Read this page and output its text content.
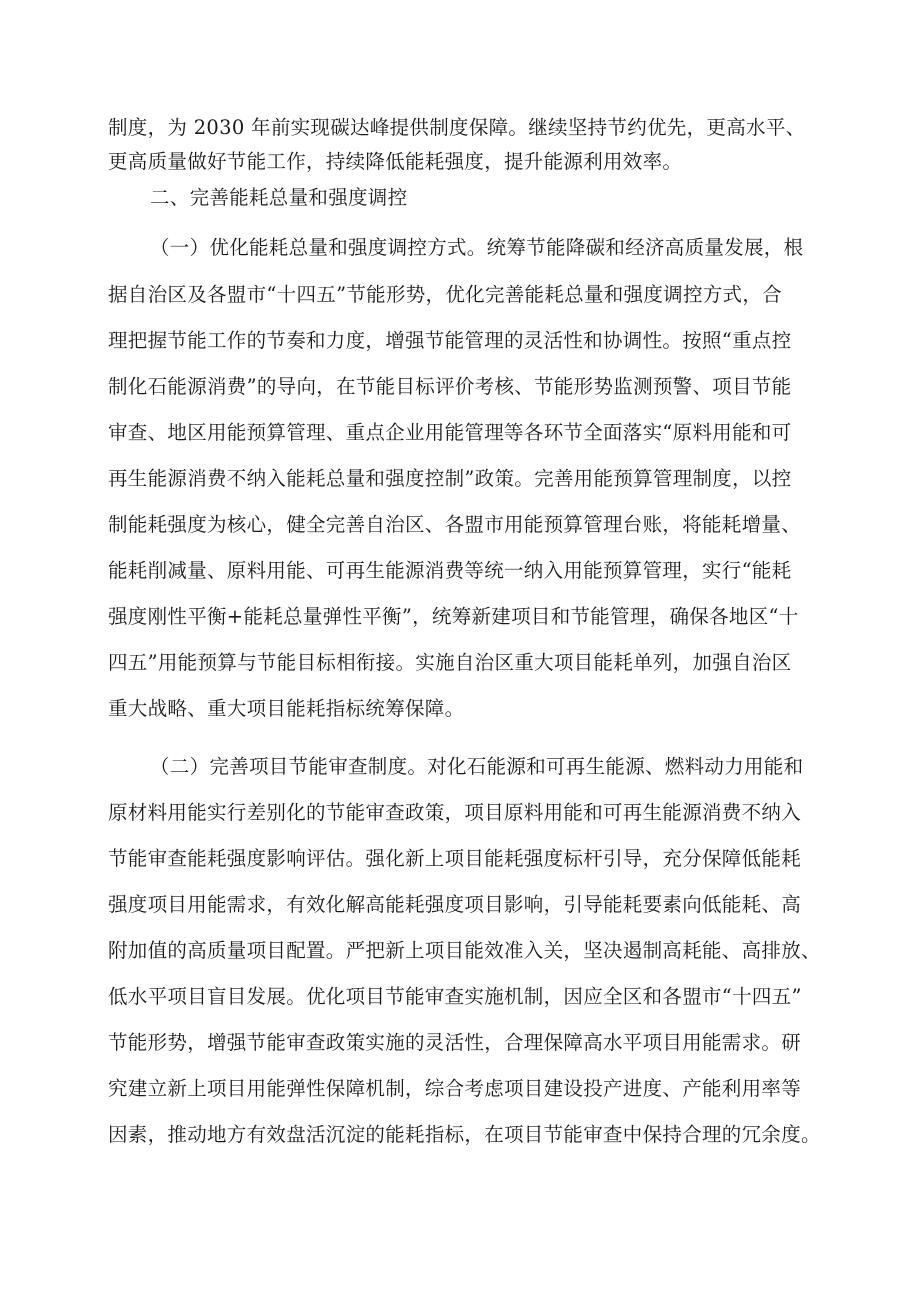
制度，为 2030 年前实现碳达峰提供制度保障。继续坚持节约优先，更高水平、
更高质量做好节能工作，持续降低能耗强度，提升能源利用效率。
二、完善能耗总量和强度调控
（一）优化能耗总量和强度调控方式。统筹节能降碳和经济高质量发展，根
据自治区及各盟市“十四五”节能形势，优化完善能耗总量和强度调控方式，合
理把握节能工作的节奏和力度，增强节能管理的灵活性和协调性。按照“重点控
制化石能源消费”的导向，在节能目标评价考核、节能形势监测预警、项目节能
审查、地区用能预算管理、重点企业用能管理等各环节全面落实“原料用能和可
再生能源消费不纳入能耗总量和强度控制”政策。完善用能预算管理制度，以控
制能耗强度为核心，健全完善自治区、各盟市用能预算管理台账，将能耗增量、
能耗削减量、原料用能、可再生能源消费等统一纳入用能预算管理，实行“能耗
强度刚性平衡+能耗总量弹性平衡”，统筹新建项目和节能管理，确保各地区“十
四五”用能预算与节能目标相衔接。实施自治区重大项目能耗单列，加强自治区
重大战略、重大项目能耗指标统筹保障。
（二）完善项目节能审查制度。对化石能源和可再生能源、燃料动力用能和
原材料用能实行差别化的节能审查政策，项目原料用能和可再生能源消费不纳入
节能审查能耗强度影响评估。强化新上项目能耗强度标杆引导，充分保障低能耗
强度项目用能需求，有效化解高能耗强度项目影响，引导能耗要素向低能耗、高
附加值的高质量项目配置。严把新上项目能效准入关，坚决遏制高耗能、高排放、
低水平项目盲目发展。优化项目节能审查实施机制，因应全区和各盟市“十四五”
节能形势，增强节能审查政策实施的灵活性，合理保障高水平项目用能需求。研
究建立新上项目用能弹性保障机制，综合考虑项目建设投产进度、产能利用率等
因素，推动地方有效盘活沉淀的能耗指标，在项目节能审查中保持合理的冗余度。
